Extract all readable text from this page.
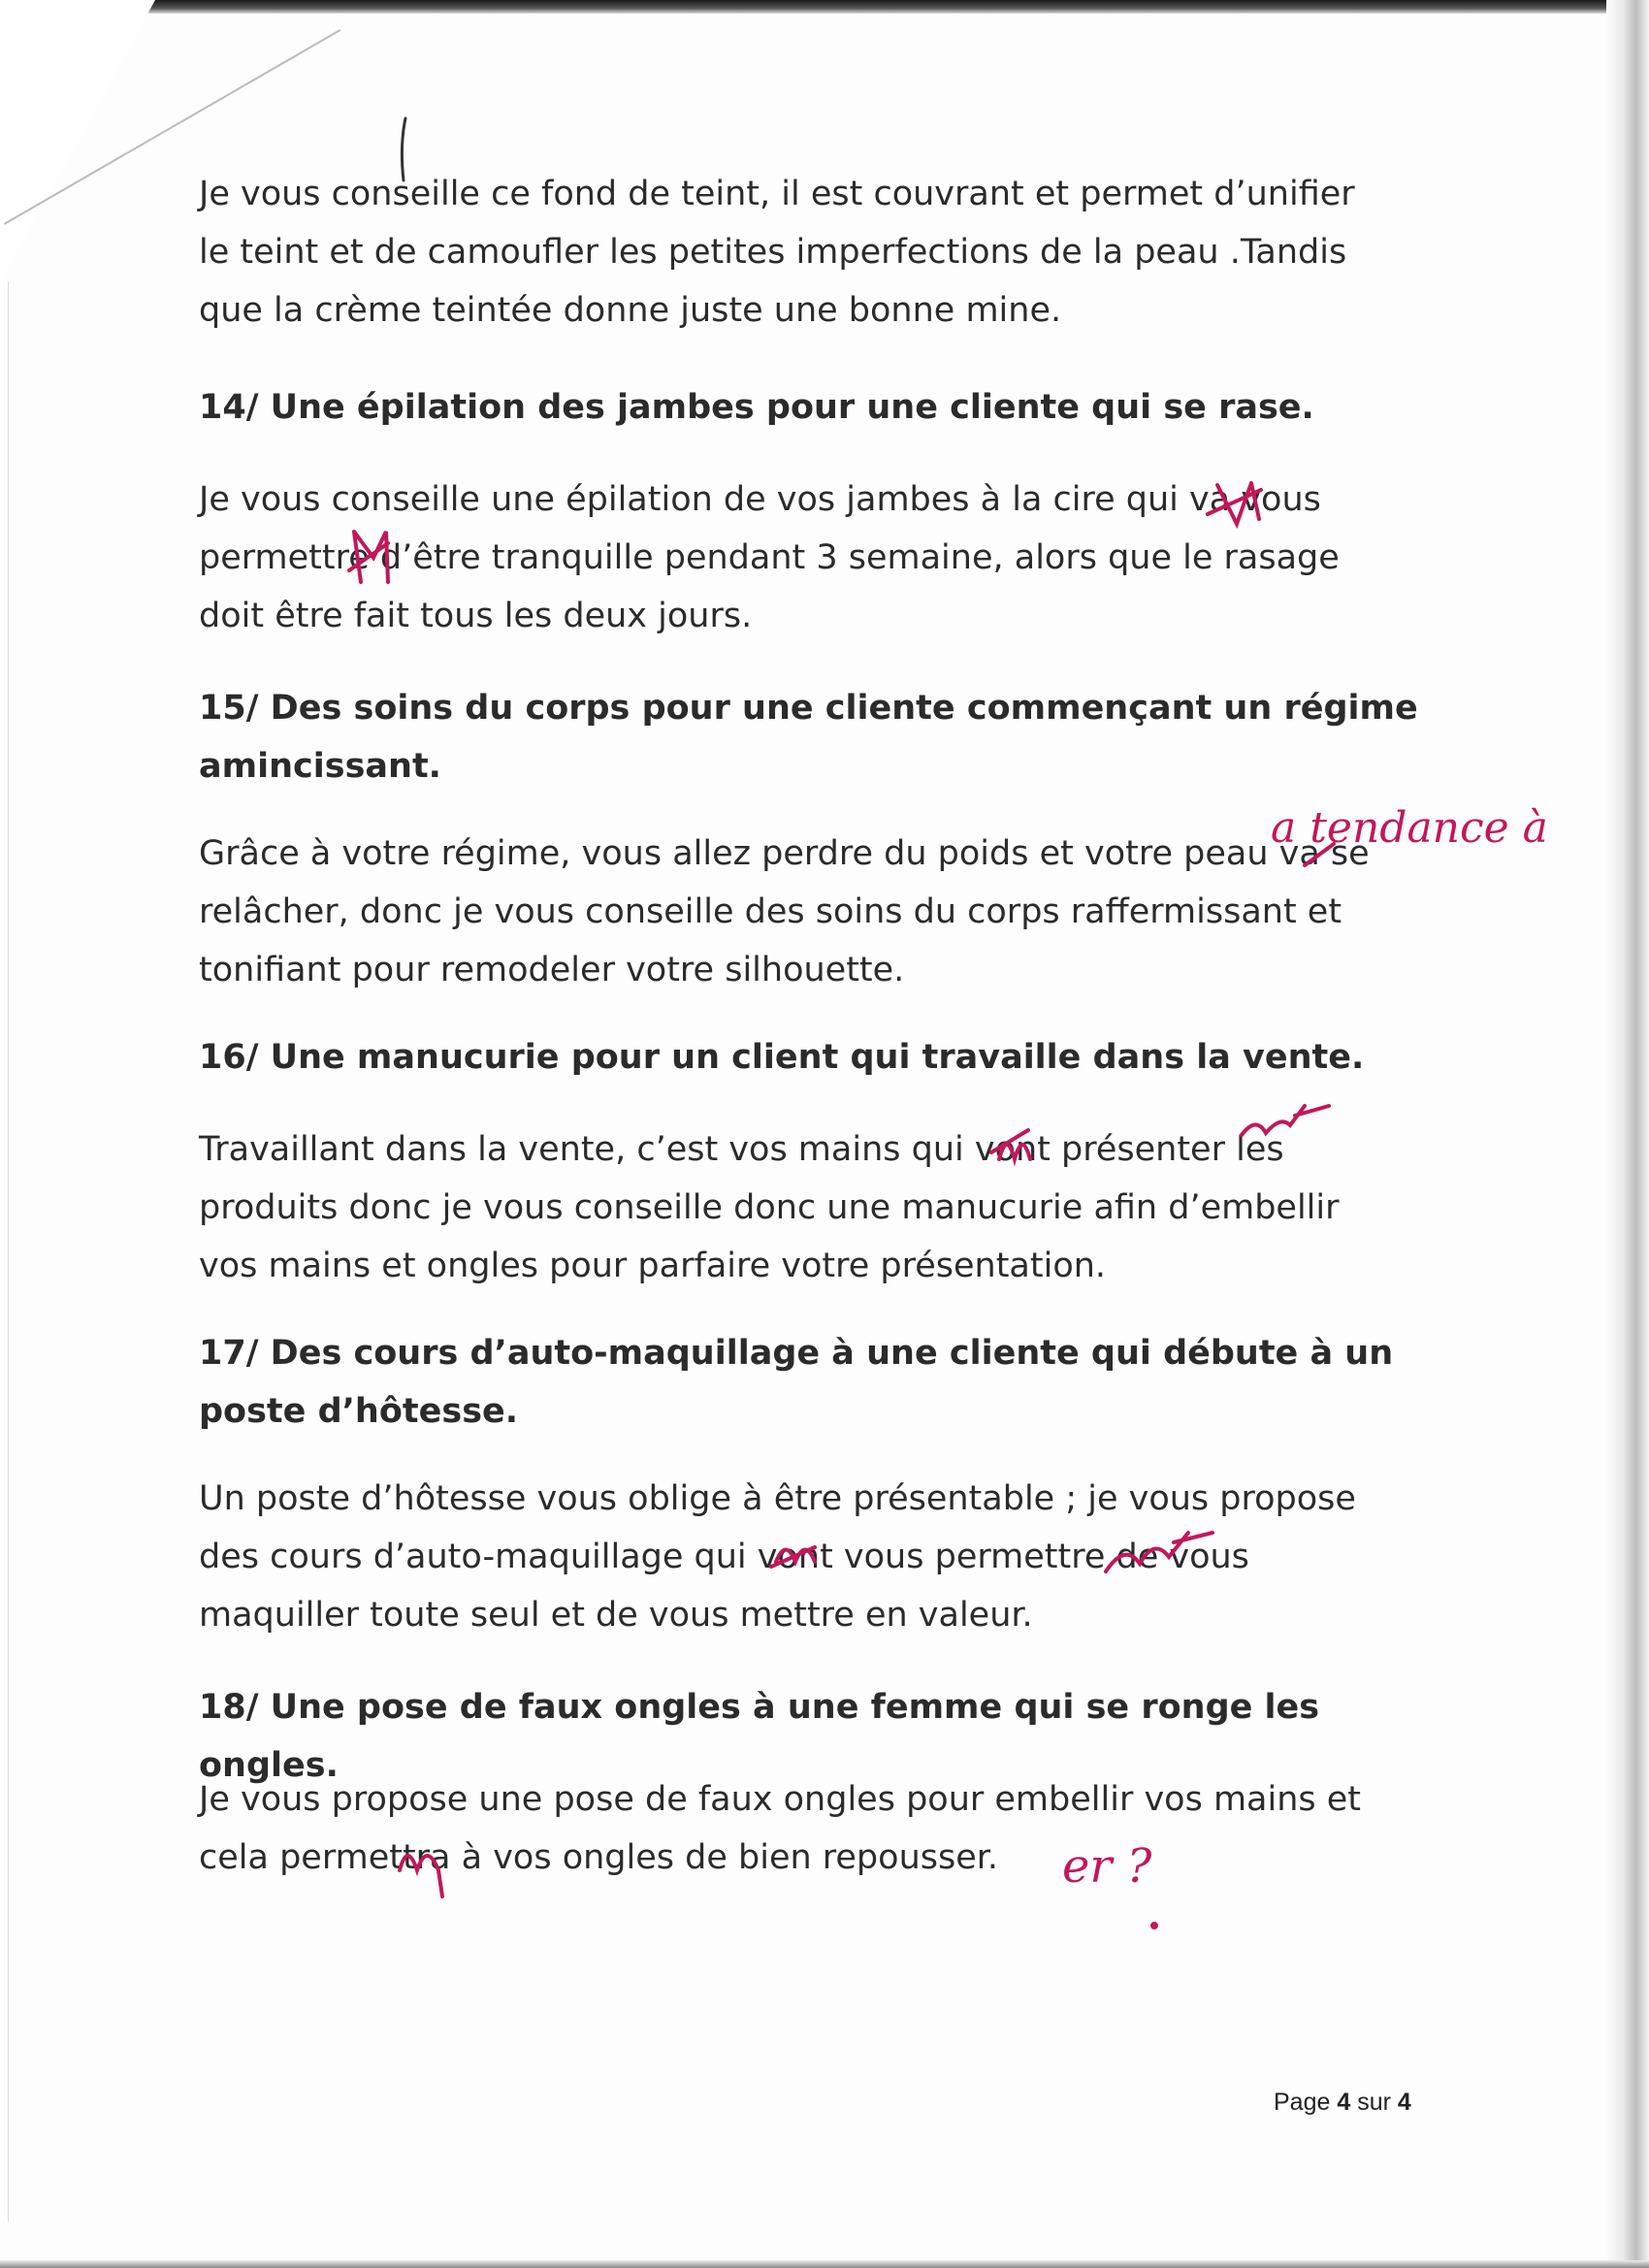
Je vous conseille ce fond de teint, il est couvrant et permet d’unifier
le teint et de camoufler les petites imperfections de la peau .Tandis
que la crème teintée donne juste une bonne mine.

14/ Une épilation des jambes pour une cliente qui se rase.

Je vous conseille une épilation de vos jambes à la cire qui va vous
permettre d’être tranquille pendant 3 semaine, alors que le rasage
doit être fait tous les deux jours.

15/ Des soins du corps pour une cliente commençant un régime
amincissant.

Grâce à votre régime, vous allez perdre du poids et votre peau va se
relâcher, donc je vous conseille des soins du corps raffermissant et
tonifiant pour remodeler votre silhouette.

16/ Une manucurie pour un client qui travaille dans la vente.

Travaillant dans la vente, c’est vos mains qui vont présenter les
produits donc je vous conseille donc une manucurie afin d’embellir
vos mains et ongles pour parfaire votre présentation.

17/ Des cours d’auto-maquillage à une cliente qui débute à un
poste d’hôtesse.

Un poste d’hôtesse vous oblige à être présentable ; je vous propose
des cours d’auto-maquillage qui vont vous permettre de vous
maquiller toute seul et de vous mettre en valeur.

18/ Une pose de faux ongles à une femme qui se ronge les ongles.

Je vous propose une pose de faux ongles pour embellir vos mains et
cela permettra à vos ongles de bien repousser.

Page 4 sur 4
a tendance à
er ?
